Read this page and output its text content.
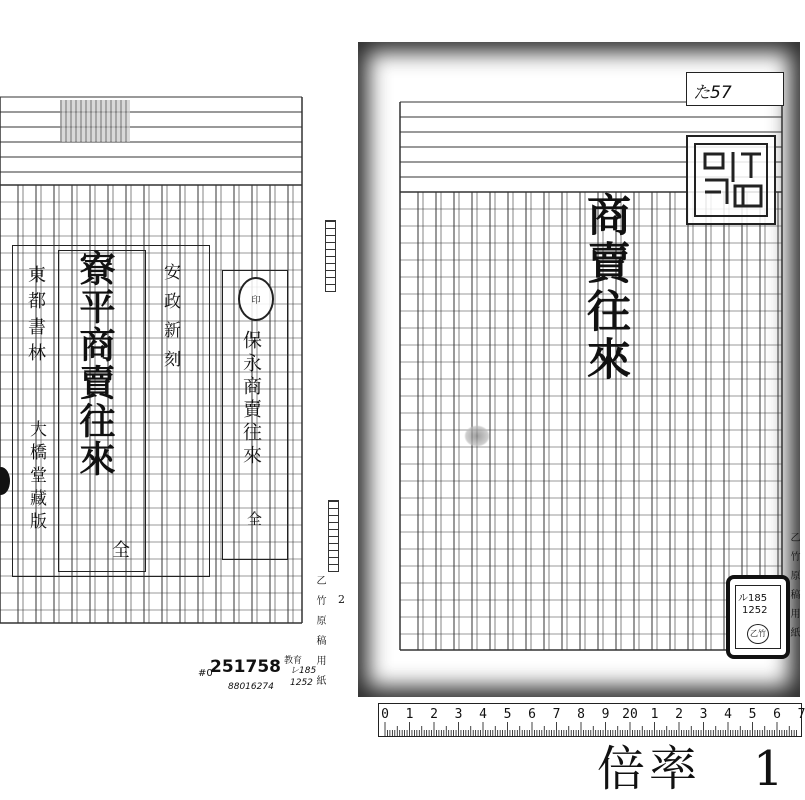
安政新刻
寮平商賣往來
全
東都書林
大橋堂藏版
印
保永商賣往來
全
乙竹原稿用紙 2
#0
251758
88016274
教育
レ185 1252
た57
商賣往來
ル185
1252
乙竹	乙竹原稿用紙
0 1 2 3 4 5 6 7 8 9 20 1 2 3 4 5 6 7
倍率　1
